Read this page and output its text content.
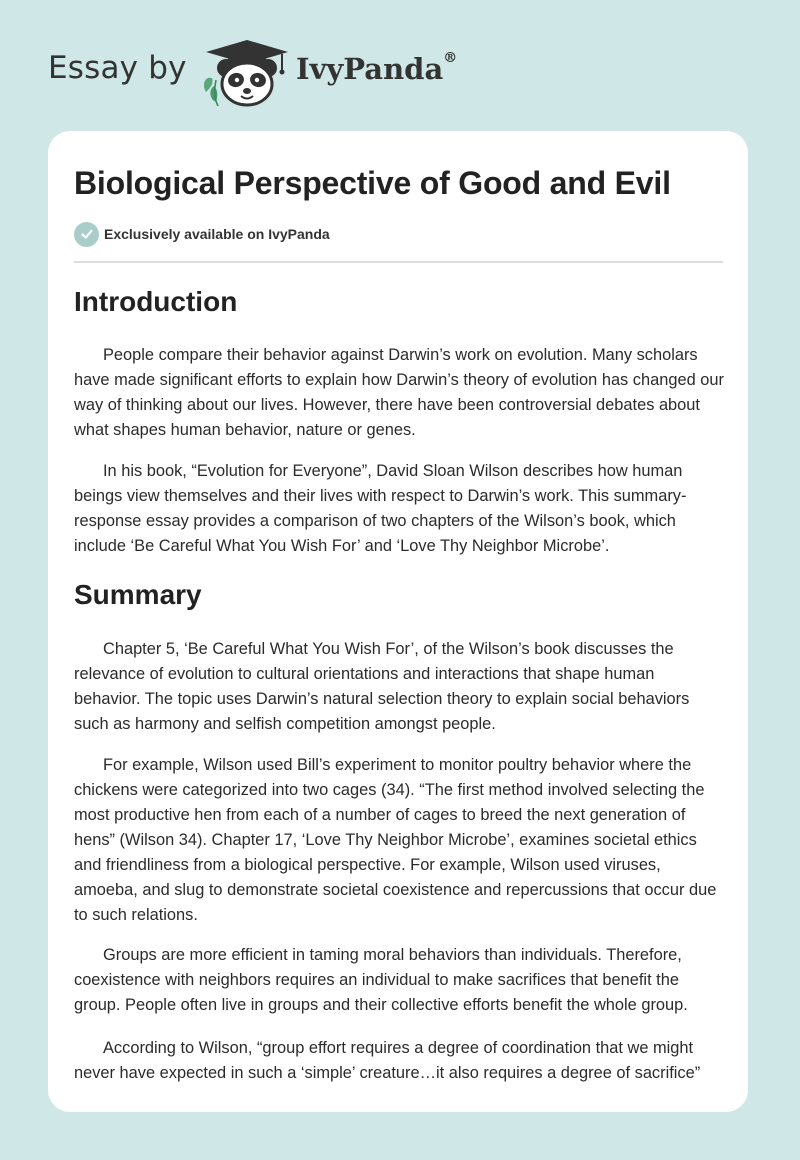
Essay by	IvyPanda®
Biological Perspective of Good and Evil
Exclusively available on IvyPanda
Introduction

People compare their behavior against Darwin’s work on evolution. Many scholars have made significant efforts to explain how Darwin’s theory of evolution has changed our way of thinking about our lives. However, there have been controversial debates about what shapes human behavior, nature or genes.

In his book, “Evolution for Everyone”, David Sloan Wilson describes how human beings view themselves and their lives with respect to Darwin’s work. This summary-response essay provides a comparison of two chapters of the Wilson’s book, which include ‘Be Careful What You Wish For’ and ‘Love Thy Neighbor Microbe’.

Summary

Chapter 5, ‘Be Careful What You Wish For’, of the Wilson’s book discusses the relevance of evolution to cultural orientations and interactions that shape human behavior. The topic uses Darwin’s natural selection theory to explain social behaviors such as harmony and selfish competition amongst people.

For example, Wilson used Bill’s experiment to monitor poultry behavior where the chickens were categorized into two cages (34). “The first method involved selecting the most productive hen from each of a number of cages to breed the next generation of hens” (Wilson 34). Chapter 17, ‘Love Thy Neighbor Microbe’, examines societal ethics and friendliness from a biological perspective. For example, Wilson used viruses, amoeba, and slug to demonstrate societal coexistence and repercussions that occur due to such relations.

Groups are more efficient in taming moral behaviors than individuals. Therefore, coexistence with neighbors requires an individual to make sacrifices that benefit the group. People often live in groups and their collective efforts benefit the whole group.

According to Wilson, “group effort requires a degree of coordination that we might never have expected in such a ‘simple’ creature…it also requires a degree of sacrifice”
